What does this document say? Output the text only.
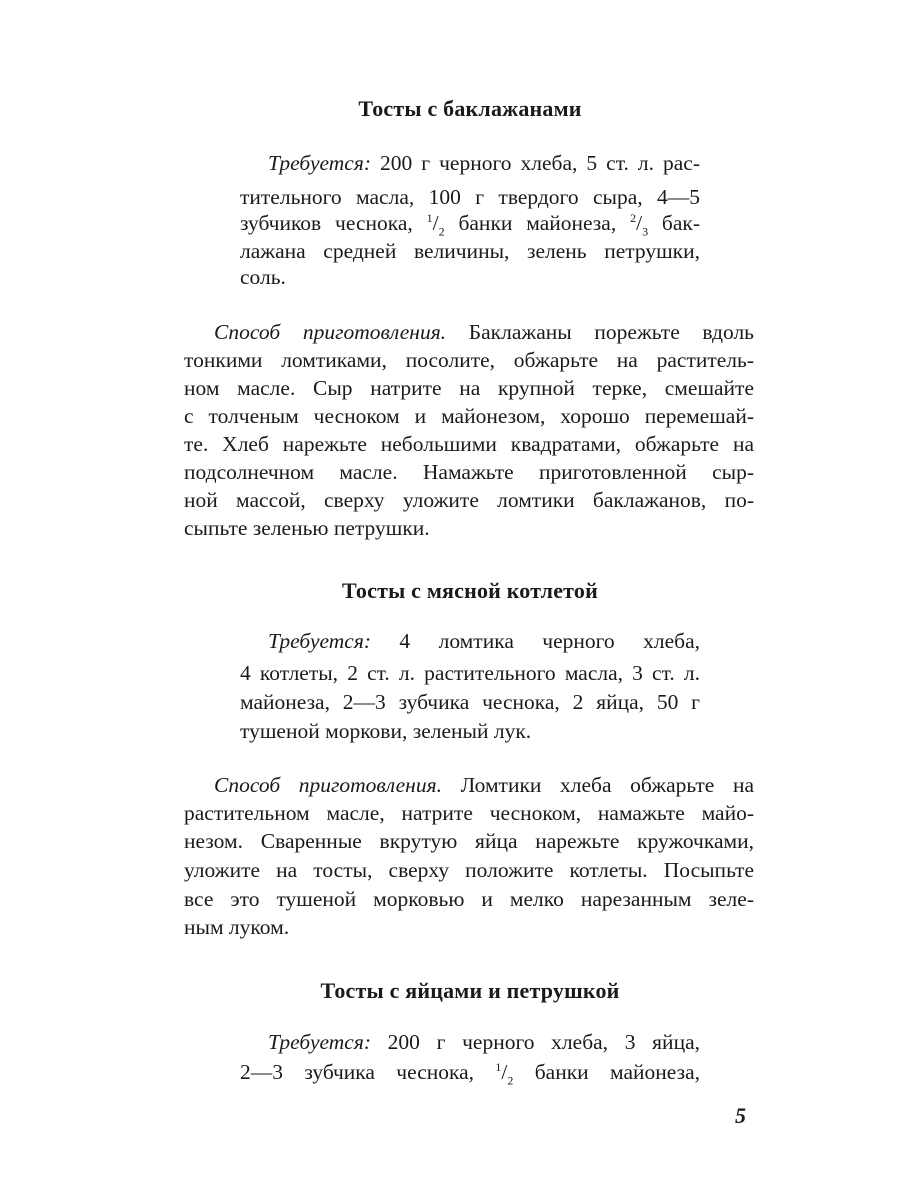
Тосты с баклажанами
Требуется: 200 г черного хлеба, 5 ст. л. рас-
тительного масла, 100 г твердого сыра, 4—5
зубчиков чеснока, $^1/_2$ банки майонеза, $^2/_3$ бак-
лажана средней величины, зелень петрушки,
соль.
Способ приготовления. Баклажаны порежьте вдоль
тонкими ломтиками, посолите, обжарьте на раститель-
ном масле. Сыр натрите на крупной терке, смешайте
с толченым чесноком и майонезом, хорошо перемешай-
те. Хлеб нарежьте небольшими квадратами, обжарьте на
подсолнечном масле. Намажьте приготовленной сыр-
ной массой, сверху уложите ломтики баклажанов, по-
сыпьте зеленью петрушки.
Тосты с мясной котлетой
Требуется: 4 ломтика черного хлеба,
4 котлеты, 2 ст. л. растительного масла, 3 ст. л.
майонеза, 2—3 зубчика чеснока, 2 яйца, 50 г
тушеной моркови, зеленый лук.
Способ приготовления. Ломтики хлеба обжарьте на
растительном масле, натрите чесноком, намажьте майо-
незом. Сваренные вкрутую яйца нарежьте кружочками,
уложите на тосты, сверху положите котлеты. Посыпьте
все это тушеной морковью и мелко нарезанным зеле-
ным луком.
Тосты с яйцами и петрушкой
Требуется: 200 г черного хлеба, 3 яйца,
2—3 зубчика чеснока, $^1/_2$ банки майонеза,
5
